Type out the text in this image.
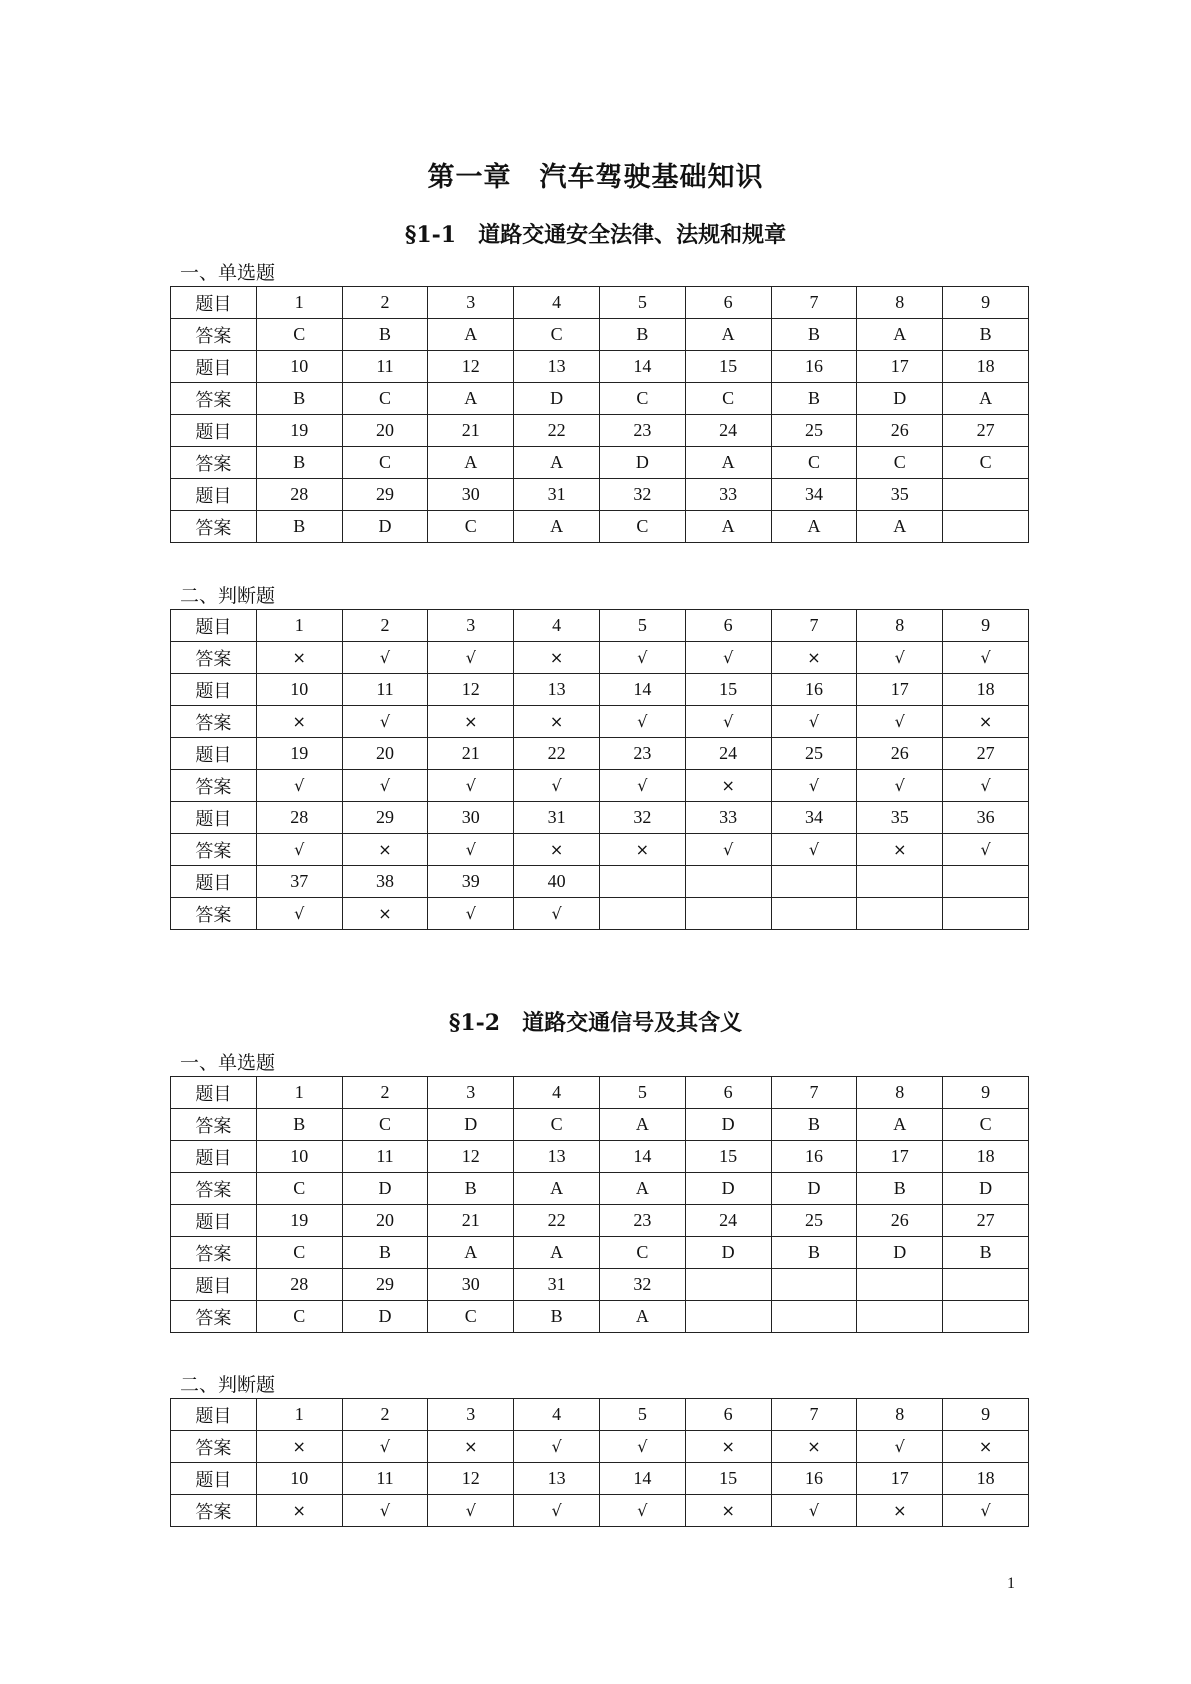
第一章　汽车驾驶基础知识
§1-1　道路交通安全法律、法规和规章
一、单选题
题目	1	2	3	4	5	6	7	8	9
答案	C	B	A	C	B	A	B	A	B
题目	10	11	12	13	14	15	16	17	18
答案	B	C	A	D	C	C	B	D	A
题目	19	20	21	22	23	24	25	26	27
答案	B	C	A	A	D	A	C	C	C
题目	28	29	30	31	32	33	34	35	
答案	B	D	C	A	C	A	A	A	
二、判断题
题目	1	2	3	4	5	6	7	8	9
答案	×	√	√	×	√	√	×	√	√
题目	10	11	12	13	14	15	16	17	18
答案	×	√	×	×	√	√	√	√	×
题目	19	20	21	22	23	24	25	26	27
答案	√	√	√	√	√	×	√	√	√
题目	28	29	30	31	32	33	34	35	36
答案	√	×	√	×	×	√	√	×	√
题目	37	38	39	40					
答案	√	×	√	√					
§1-2　道路交通信号及其含义
一、单选题
题目	1	2	3	4	5	6	7	8	9
答案	B	C	D	C	A	D	B	A	C
题目	10	11	12	13	14	15	16	17	18
答案	C	D	B	A	A	D	D	B	D
题目	19	20	21	22	23	24	25	26	27
答案	C	B	A	A	C	D	B	D	B
题目	28	29	30	31	32				
答案	C	D	C	B	A				
二、判断题
题目	1	2	3	4	5	6	7	8	9
答案	×	√	×	√	√	×	×	√	×
题目	10	11	12	13	14	15	16	17	18
答案	×	√	√	√	√	×	√	×	√
1
